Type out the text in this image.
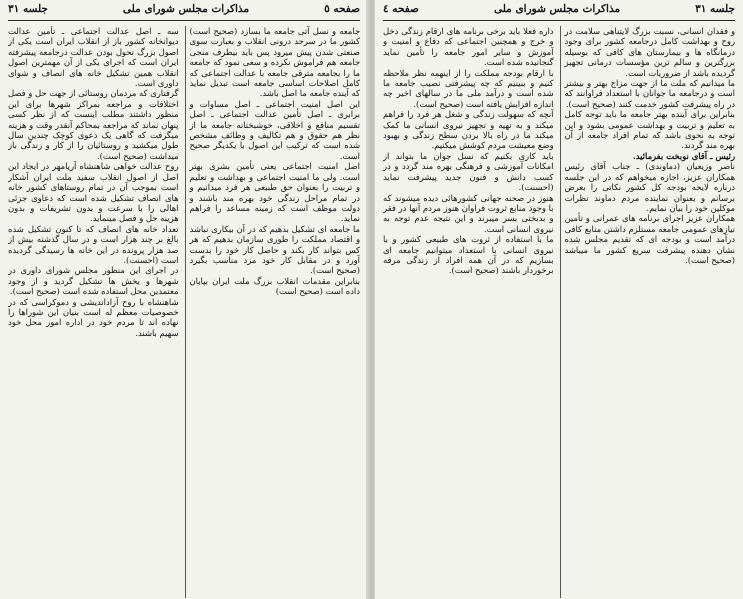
جلسه ٣١	مذاکرات مجلس شورای ملی	صفحه ٥

جامعه و نسل آتی جامعه ما بسازد (صحیح است) کشور ما در سرحد درونی انقلاب و بعبارت سوی صنعتی شدن پیش میرود پس باید بیطرف منجی جامعه هم فراموش نکرده و سعی نمود که جامعه ما را بجامعه مترقی جامعه با عدالت اجتماعی که کامل اصلاحات اساسی جامعه است تبدیل نماید که آینده جامعه ما اصل باشد.

این اصل امنیت اجتماعی ـ اصل مساوات و برابری ـ اصل تأمین عدالت اجتماعی ـ اصل تقسیم منافع و اخلاقی، خوشبختانه جامعه ما از نظر هم حقوق و هم تکالیف و وظائف مشخص شده است که ترکیب این اصول با یکدیگر صحیح است.

اصل امنیت اجتماعی یعنی تأمین بشری بهتر است. ولی ما امنیت اجتماعی و بهداشت و تعلیم و تربیت را بعنوان حق طبیعی هر فرد میدانیم و در تمام مراحل زندگی خود بهره مند باشند و دولت موظف است که زمینه مساعد را فراهم نماید.

ما جامعه ای تشکیل بدهیم که در آن بیکاری نباشد و اقتصاد مملکت را طوری سازمان بدهیم که هر کس بتواند کار بکند و حاصل کار خود را بدست آورد و در مقابل کار خود مزد مناسب بگیرد (صحیح است).

بنابراین مقدمات انقلاب بزرگ ملت ایران بپایان داده است (صحیح است)

سه ـ اصل عدالت اجتماعی ـ تأمین عدالت دیوانخانه کشور باز از انقلاب ایران است یکی از اصول بزرگ تحول بودن عدالت درجامعه پیشرفته ایران است که اجرای یکی از آن مهمترین اصول انقلاب همین تشکیل خانه های انصاف و شوای داوری است.

گرفتاری که مردمان روستائی از جهت حل و فصل اختلافات و مراجعه بمراکز شهرها برای این منظور داشتند مطلب اینست که از نظر کسی پنهان نماند که مراجعه بمحاکم آنقدر وقت و هزینه میگرفت که گاهی یک دعوی کوچک چندین سال طول میکشید و روستائیان را از کار و زندگی باز میداشت (صحیح است).

روح عدالت خواهی شاهنشاه آریامهر در ایجاد این اصل از اصول انقلاب سفید ملت ایران آشکار است بموجب آن در تمام روستاهای کشور خانه های انصاف تشکیل شده است که دعاوی جزئی اهالی را با سرعت و بدون تشریفات و بدون هزینه حل و فصل مینماید.

تعداد خانه های انصاف که تا کنون تشکیل شده بالغ بر چند هزار است و در سال گذشته بیش از صد هزار پرونده در این خانه ها رسیدگی گردیده است (احسنت).

در اجرای این منظور مجلس شورای داوری در شهرها و بخش ها تشکیل گردید و از وجود معتمدین محل استفاده شده است (صحیح است).

شاهنشاه با روح آزاداندیشی و دموکراسی که در خصوصیات معظم له است بنیان این شوراها را نهاده اند تا مردم خود در اداره امور محل خود سهیم باشند.

صفحه ٤	مذاکرات مجلس شورای ملی	جلسه ٣١

و فقدان انسانی، نسبت بزرگ لایتناهی سلامت در روح و بهداشت کامل درجامعه کشور برای وجود درمانگاه ها و بیمارستان های کافی که بوسیله بزرگترین و سالم ترین مؤسسات درمانی تجهیز گردیده باشد از ضروریات است.

ما میدانیم که ملت ما از جهت مزاج بهتر و بیشتر است و درجامعه ما جوانان با استعداد فراوانند که در راه پیشرفت کشور خدمت کنند (صحیح است).

بنابراین برای آینده بهتر جامعه ما باید توجه کامل به تعلیم و تربیت و بهداشت عمومی بشود و این توجه به نحوی باشد که تمام افراد جامعه از آن بهره مند گردند.

رئیس ـ آقای نوبخت بفرمائید.

ناصر وزیعیان (دماوندی) ـ جناب آقای رئیس همکاران عزیز، اجازه میخواهم که در این جلسه درباره لایحه بودجه کل کشور نکاتی را بعرض برسانم و بعنوان نماینده مردم دماوند نظرات موکلین خود را بیان نمایم.

همکاران عزیز اجرای برنامه های عمرانی و تأمین نیازهای عمومی جامعه مستلزم داشتن منابع کافی درآمد است و بودجه ای که تقدیم مجلس شده نشان دهنده پیشرفت سریع کشور ما میباشد (صحیح است).

داره فعلا باید برخی برنامه های ارقام زندگی دخل و خرج و همچنین اجتماعی که دفاع و امنیت و آموزش و سایر امور جامعه را تأمین نماید گنجانیده شده است.

با ارقام بودجه مملکت را از اینهمه نظر ملاحظه کنیم و ببینیم که چه پیشرفتی نصیب جامعه ما شده است و درآمد ملی ما در سالهای اخیر چه اندازه افزایش یافته است (صحیح است).

آنچه که سهولت زندگی و شغل هر فرد را فراهم میکند و به تهیه و تجهیز نیروی انسانی ما کمک میکند ما در راه بالا بردن سطح زندگی و بهبود وضع معیشت مردم کوشش میکنیم.

باید کاری بکنیم که نسل جوان ما بتواند از امکانات آموزشی و فرهنگی بهره مند گردد و در کسب دانش و فنون جدید پیشرفت نماید (احسنت).

هنوز در صحنه جهانی کشورهائی دیده میشوند که با وجود منابع ثروت فراوان هنوز مردم آنها در فقر و بدبختی بسر میبرند و این نتیجه عدم توجه به نیروی انسانی است.

ما با استفاده از ثروت های طبیعی کشور و با نیروی انسانی با استعداد میتوانیم جامعه ای بسازیم که در آن همه افراد از زندگی مرفه برخوردار باشند (صحیح است).
